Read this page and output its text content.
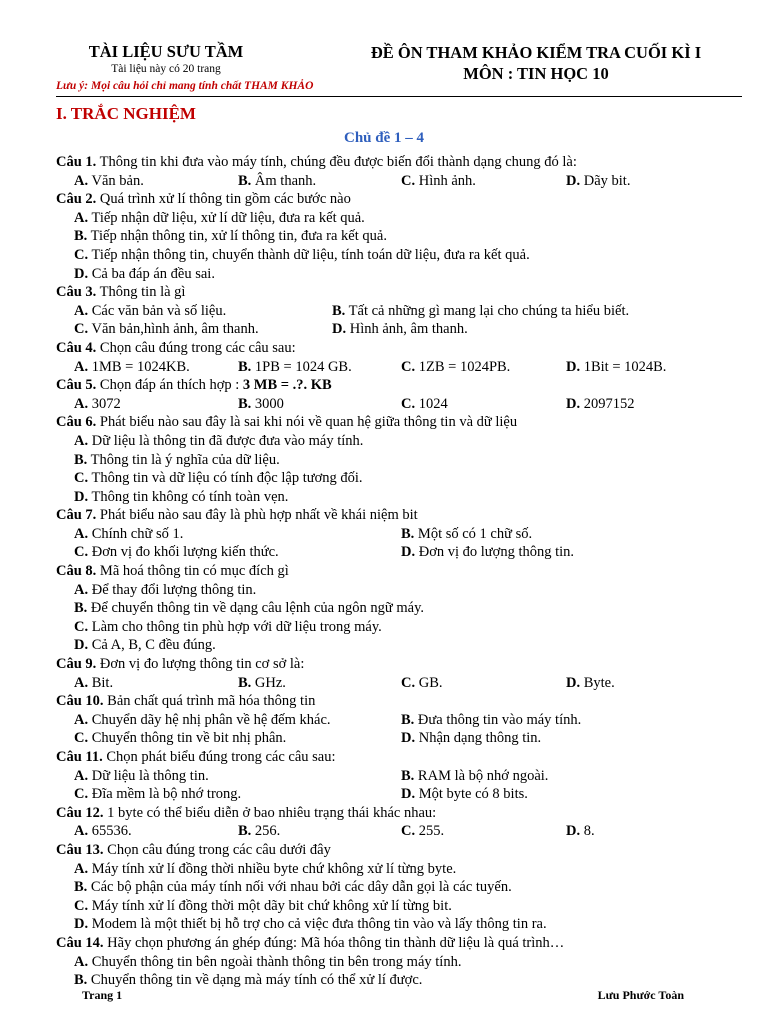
TÀI LIỆU SƯU TẦM
Tài liệu này có 20 trang
ĐỀ ÔN THAM KHẢO KIỂM TRA CUỐI KÌ I
MÔN : TIN HỌC 10
Lưu ý: Mọi câu hỏi chỉ mang tính chất THAM KHẢO
I. TRẮC NGHIỆM
Chủ đề 1 – 4
Câu 1. Thông tin khi đưa vào máy tính, chúng đều được biến đổi thành dạng chung đó là:
A. Văn bản.	B. Âm thanh.	C. Hình ảnh.	D. Dãy bit.
Câu 2. Quá trình xử lí thông tin gồm các bước nào
A. Tiếp nhận dữ liệu, xử lí dữ liệu, đưa ra kết quả.
B. Tiếp nhận thông tin, xử lí thông tin, đưa ra kết quả.
C. Tiếp nhận thông tin, chuyển thành dữ liệu, tính toán dữ liệu, đưa ra kết quả.
D. Cả ba đáp án đều sai.
Câu 3. Thông tin là gì
A. Các văn bản và số liệu.	B. Tất cả những gì mang lại cho chúng ta hiểu biết.
C. Văn bản,hình ảnh, âm thanh.	D. Hình ảnh, âm thanh.
Câu 4. Chọn câu đúng trong các câu sau:
A. 1MB = 1024KB.	B. 1PB = 1024 GB.	C. 1ZB = 1024PB.	D. 1Bit = 1024B.
Câu 5. Chọn đáp án thích hợp : 3 MB = .?. KB
A. 3072	B. 3000	C. 1024	D. 2097152
Câu 6. Phát biểu nào sau đây là sai khi nói về quan hệ giữa thông tin và dữ liệu
A. Dữ liệu là thông tin đã được đưa vào máy tính.
B. Thông tin là ý nghĩa của dữ liệu.
C. Thông tin và dữ liệu có tính độc lập tương đối.
D. Thông tin không có tính toàn vẹn.
Câu 7. Phát biểu nào sau đây là phù hợp nhất về khái niệm bit
A. Chính chữ số 1.	B. Một số có 1 chữ số.
C. Đơn vị đo khối lượng kiến thức.	D. Đơn vị đo lượng thông tin.
Câu 8. Mã hoá thông tin có mục đích gì
A. Để thay đổi lượng thông tin.
B. Để chuyển thông tin về dạng câu lệnh của ngôn ngữ máy.
C. Làm cho thông tin phù hợp với dữ liệu trong máy.
D. Cả A, B, C đều đúng.
Câu 9. Đơn vị đo lượng thông tin cơ sở là:
A. Bit.	B. GHz.	C. GB.	D. Byte.
Câu 10. Bản chất quá trình mã hóa thông tin
A. Chuyển dãy hệ nhị phân về hệ đếm khác.	B. Đưa thông tin vào máy tính.
C. Chuyển thông tin về bit nhị phân.	D. Nhận dạng thông tin.
Câu 11. Chọn phát biểu đúng trong các câu sau:
A. Dữ liệu là thông tin.	B. RAM là bộ nhớ ngoài.
C. Đĩa mềm là bộ nhớ trong.	D. Một byte có 8 bits.
Câu 12. 1 byte có thể biểu diễn ở bao nhiêu trạng thái khác nhau:
A. 65536.	B. 256.	C. 255.	D. 8.
Câu 13. Chọn câu đúng trong các câu dưới đây
A. Máy tính xử lí đồng thời nhiều byte chứ không xử lí từng byte.
B. Các bộ phận của máy tính nối với nhau bởi các dây dẫn gọi là các tuyến.
C. Máy tính xử lí đồng thời một dãy bit chứ không xử lí từng bit.
D. Modem là một thiết bị hỗ trợ cho cả việc đưa thông tin vào và lấy thông tin ra.
Câu 14. Hãy chọn phương án ghép đúng: Mã hóa thông tin thành dữ liệu là quá trình…
A. Chuyển thông tin bên ngoài thành thông tin bên trong máy tính.
B. Chuyển thông tin về dạng mà máy tính có thể xử lí được.
Trang 1	Lưu Phước Toàn
